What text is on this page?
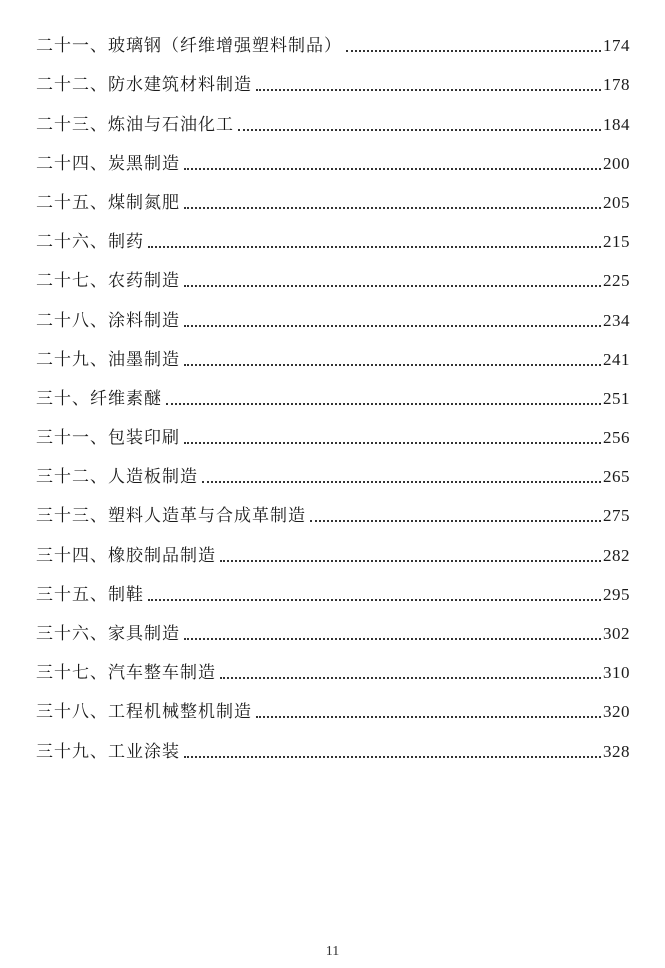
二十一、玻璃钢（纤维增强塑料制品）	174
二十二、防水建筑材料制造	178
二十三、炼油与石油化工	184
二十四、炭黑制造	200
二十五、煤制氮肥	205
二十六、制药	215
二十七、农药制造	225
二十八、涂料制造	234
二十九、油墨制造	241
三十、纤维素醚	251
三十一、包装印刷	256
三十二、人造板制造	265
三十三、塑料人造革与合成革制造	275
三十四、橡胶制品制造	282
三十五、制鞋	295
三十六、家具制造	302
三十七、汽车整车制造	310
三十八、工程机械整机制造	320
三十九、工业涂装	328
11
